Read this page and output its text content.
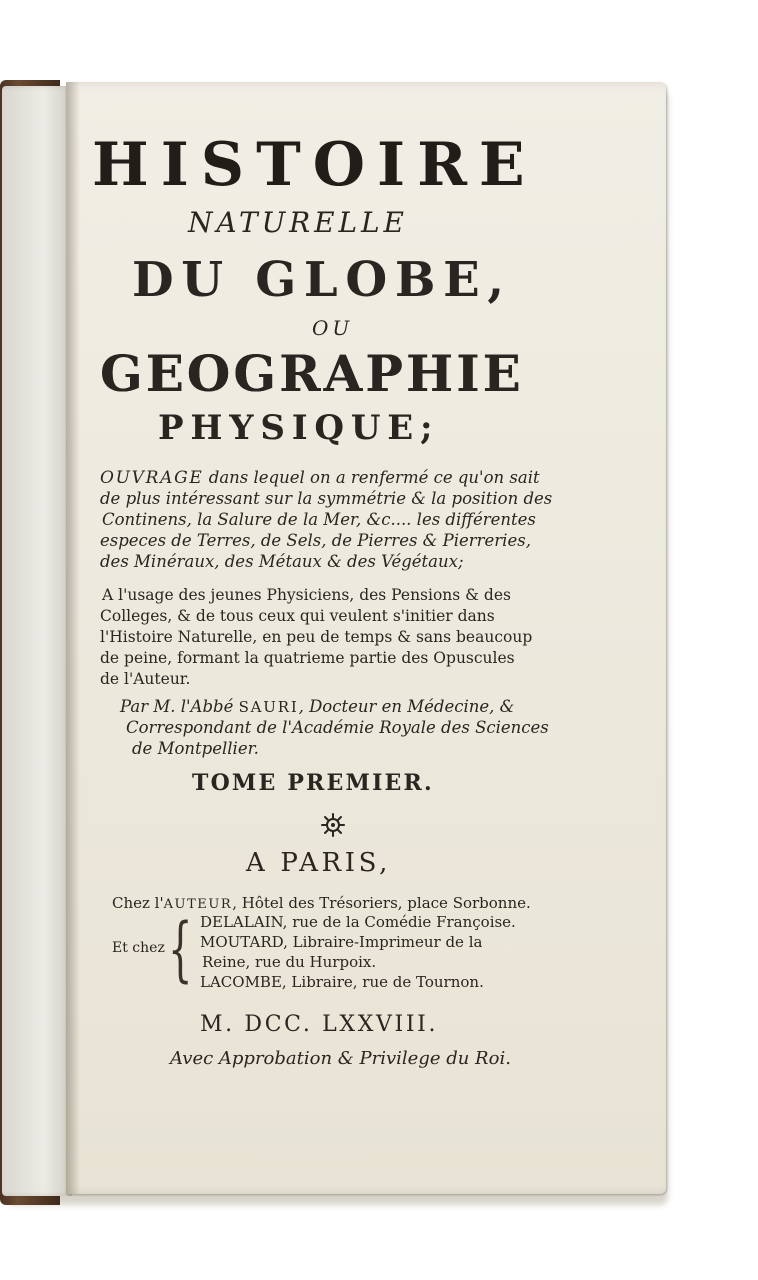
HISTOIRE
NATURELLE
DU GLOBE,
OU
GEOGRAPHIE
PHYSIQUE;
OUVRAGE dans lequel on a renfermé ce qu'on sait
de plus intéressant sur la symmétrie & la position des
Continens, la Salure de la Mer, &c.... les différentes
especes de Terres, de Sels, de Pierres & Pierreries,
des Minéraux, des Métaux & des Végétaux;
A l'usage des jeunes Physiciens, des Pensions & des
Colleges, & de tous ceux qui veulent s'initier dans
l'Histoire Naturelle, en peu de temps & sans beaucoup
de peine, formant la quatrieme partie des Opuscules
de l'Auteur.
Par M. l'Abbé SAURI, Docteur en Médecine, &
Correspondant de l'Académie Royale des Sciences
de Montpellier.
TOME PREMIER.
A PARIS,
Chez l'AUTEUR, Hôtel des Trésoriers, place Sorbonne.
Et chez { DELALAIN, rue de la Comédie Françoise.
MOUTARD, Libraire-Imprimeur de la
Reine, rue du Hurpoix.
LACOMBE, Libraire, rue de Tournon.
M. DCC. LXXVIII.
Avec Approbation & Privilege du Roi.
